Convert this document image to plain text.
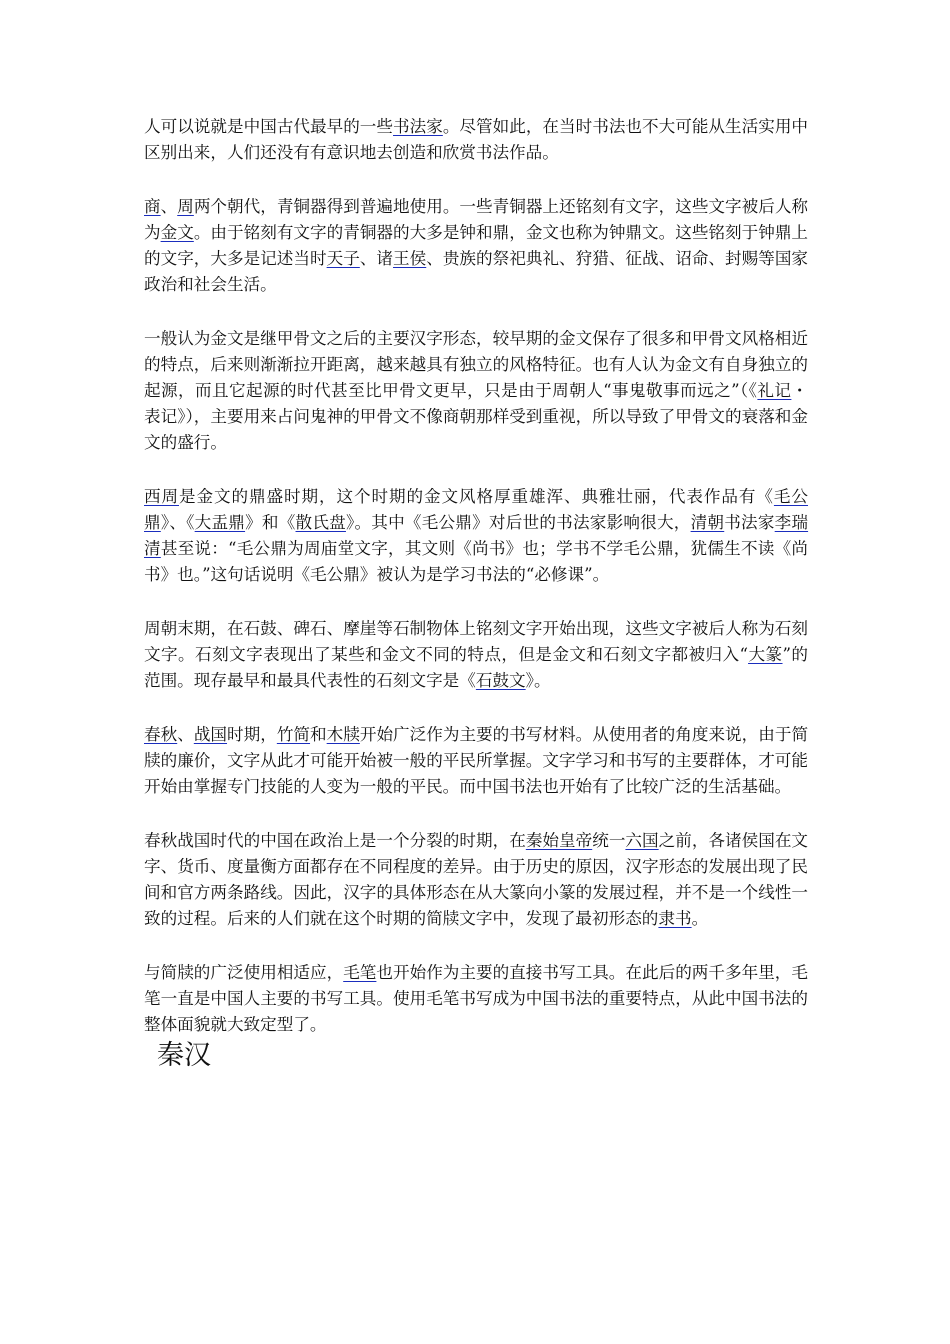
人可以说就是中国古代最早的一些书法家。尽管如此，在当时书法也不大可能从生活实用中区别出来，人们还没有有意识地去创造和欣赏书法作品。

商、周两个朝代，青铜器得到普遍地使用。一些青铜器上还铭刻有文字，这些文字被后人称为金文。由于铭刻有文字的青铜器的大多是钟和鼎，金文也称为钟鼎文。这些铭刻于钟鼎上的文字，大多是记述当时天子、诸王侯、贵族的祭祀典礼、狩猎、征战、诏命、封赐等国家政治和社会生活。

一般认为金文是继甲骨文之后的主要汉字形态，较早期的金文保存了很多和甲骨文风格相近的特点，后来则渐渐拉开距离，越来越具有独立的风格特征。也有人认为金文有自身独立的起源，而且它起源的时代甚至比甲骨文更早，只是由于周朝人“事鬼敬事而远之”（《礼记・表记》），主要用来占问鬼神的甲骨文不像商朝那样受到重视，所以导致了甲骨文的衰落和金文的盛行。

西周是金文的鼎盛时期，这个时期的金文风格厚重雄浑、典雅壮丽，代表作品有《毛公鼎》、《大盂鼎》和《散氏盘》。其中《毛公鼎》对后世的书法家影响很大，清朝书法家李瑞清甚至说：“毛公鼎为周庙堂文字，其文则《尚书》也；学书不学毛公鼎，犹儒生不读《尚书》也。”这句话说明《毛公鼎》被认为是学习书法的“必修课”。

周朝末期，在石鼓、碑石、摩崖等石制物体上铭刻文字开始出现，这些文字被后人称为石刻文字。石刻文字表现出了某些和金文不同的特点，但是金文和石刻文字都被归入“大篆”的范围。现存最早和最具代表性的石刻文字是《石鼓文》。

春秋、战国时期，竹简和木牍开始广泛作为主要的书写材料。从使用者的角度来说，由于简牍的廉价，文字从此才可能开始被一般的平民所掌握。文字学习和书写的主要群体，才可能开始由掌握专门技能的人变为一般的平民。而中国书法也开始有了比较广泛的生活基础。

春秋战国时代的中国在政治上是一个分裂的时期，在秦始皇帝统一六国之前，各诸侯国在文字、货币、度量衡方面都存在不同程度的差异。由于历史的原因，汉字形态的发展出现了民间和官方两条路线。因此，汉字的具体形态在从大篆向小篆的发展过程，并不是一个线性一致的过程。后来的人们就在这个时期的简牍文字中，发现了最初形态的隶书。

与简牍的广泛使用相适应，毛笔也开始作为主要的直接书写工具。在此后的两千多年里，毛笔一直是中国人主要的书写工具。使用毛笔书写成为中国书法的重要特点，从此中国书法的整体面貌就大致定型了。

秦汉
